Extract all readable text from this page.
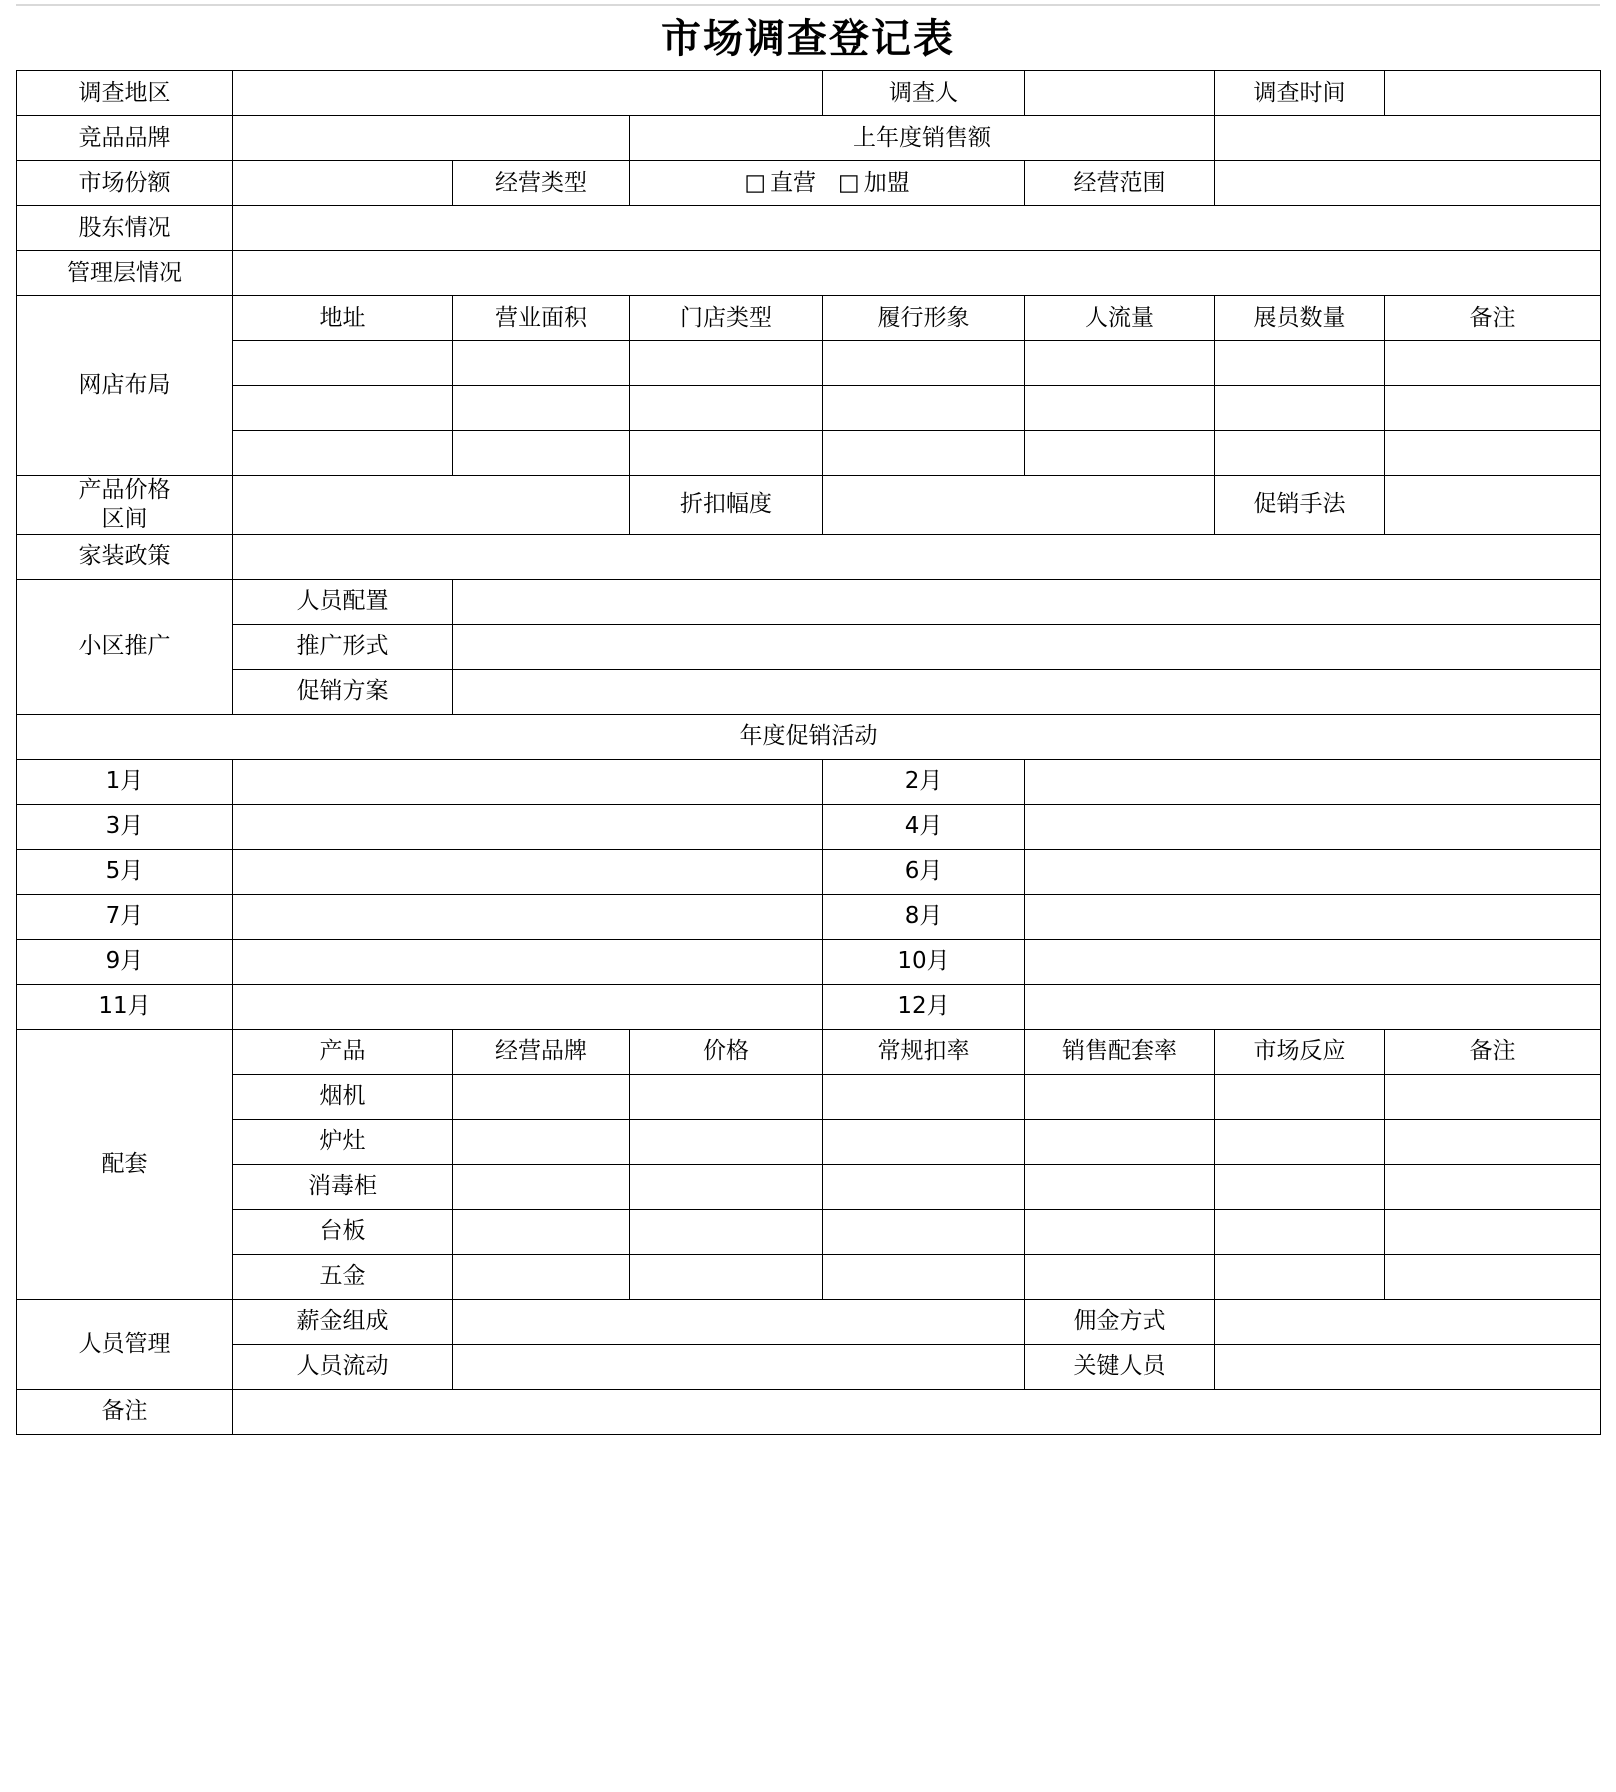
市场调查登记表
调查地区				调查人		调查时间	
竞品品牌			上年度销售额				
市场份额		经营类型	□ 直营 □ 加盟		经营范围		
股东情况							
管理层情况							
网店布局	地址	营业面积	门店类型	履行形象	人流量	展员数量	备注

产品价格
区间			折扣幅度			促销手法	
家装政策							
小区推广	人员配置						
	推广形式						
	促销方案						
年度促销活动							
1月				2月			
3月				4月			
5月				6月			
7月				8月			
9月				10月			
11月				12月			
配套	产品	经营品牌	价格	常规扣率	销售配套率	市场反应	备注
	烟机						
	炉灶						
	消毒柜						
	台板						
	五金						
人员管理	薪金组成				佣金方式		
	人员流动				关键人员		
备注							
